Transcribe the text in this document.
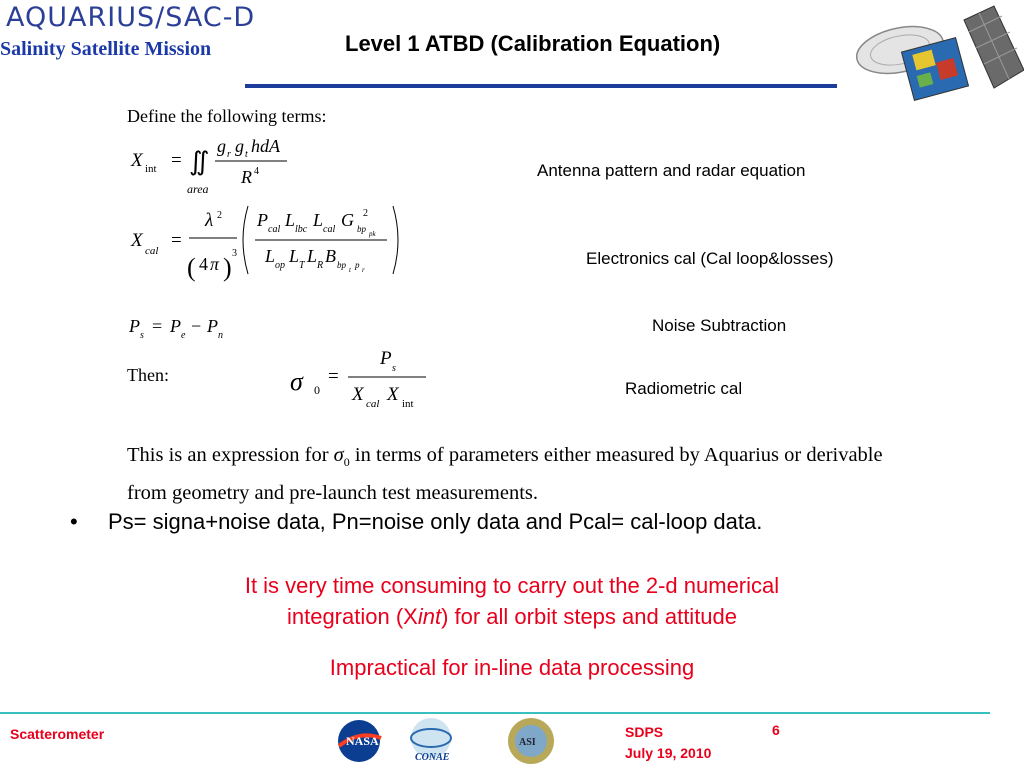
AQUARIUS/SAC-D
Salinity Satellite Mission	Level 1 ATBD (Calibration Equation)
Define the following terms:
X int = ∬
area
g r g t hdA
R 4	Antenna pattern and radar equation
X cal =
λ 2
( 4 π ) 3
P cal L lbc L cal G 2
bp pk
L op L T L R B bp t p r
Electronics cal (Cal loop&losses)
P s = P e − P n
Noise Subtraction
Then:	σ 0
=
P s
X cal X int
Radiometric cal
This is an expression for $\sigma_0$ in terms of parameters either measured by Aquarius or derivable from geometry and pre-launch test measurements.
• Ps= signa+noise data, Pn=noise only data and Pcal= cal-loop data.
It is very time consuming to carry out the 2-d numerical
integration (Xint) for all orbit steps and attitude
Impractical for in-line data processing
Scatterometer	NASA
CONAE
ASI
SDPS
July 19, 2010
6
